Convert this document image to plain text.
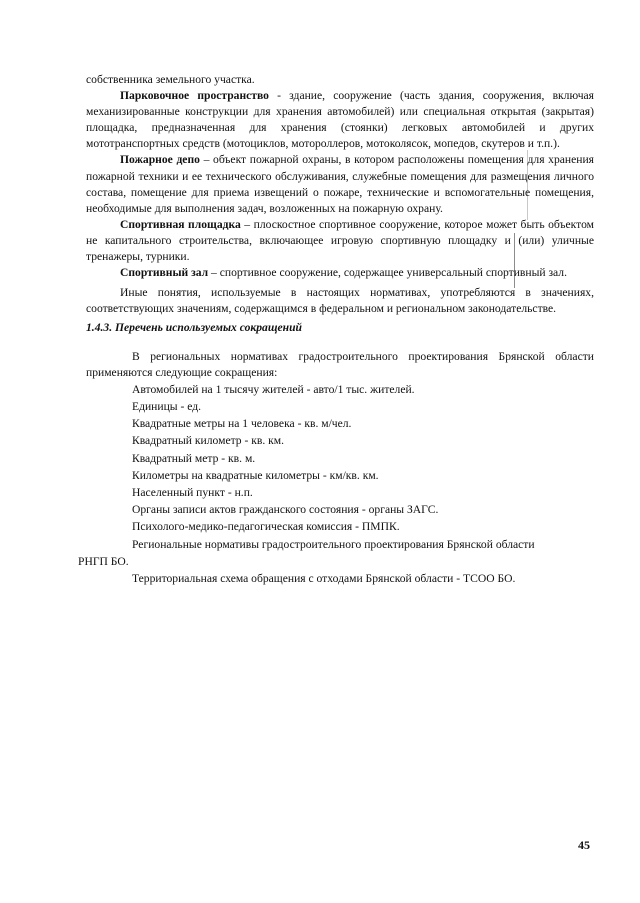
собственника земельного участка.

Парковочное пространство - здание, сооружение (часть здания, сооружения, включая механизированные конструкции для хранения автомобилей) или специальная открытая (закрытая) площадка, предназначенная для хранения (стоянки) легковых автомобилей и других мототранспортных средств (мотоциклов, мотороллеров, мотоколясок, мопедов, скутеров и т.п.).

Пожарное депо – объект пожарной охраны, в котором расположены помещения для хранения пожарной техники и ее технического обслуживания, служебные помещения для размещения личного состава, помещение для приема извещений о пожаре, технические и вспомогательные помещения, необходимые для выполнения задач, возложенных на пожарную охрану.

Спортивная площадка – плоскостное спортивное сооружение, которое может быть объектом не капитального строительства, включающее игровую спортивную площадку и (или) уличные тренажеры, турники.

Спортивный зал – спортивное сооружение, содержащее универсальный спортивный зал.

Иные понятия, используемые в настоящих нормативах, употребляются в значениях, соответствующих значениям, содержащимся в федеральном и региональном законодательстве.

1.4.3. Перечень используемых сокращений

В региональных нормативах градостроительного проектирования Брянской области применяются следующие сокращения:

Автомобилей на 1 тысячу жителей - авто/1 тыс. жителей.
Единицы - ед.
Квадратные метры на 1 человека - кв. м/чел.
Квадратный километр - кв. км.
Квадратный метр - кв. м.
Километры на квадратные километры - км/кв. км.
Населенный пункт - н.п.
Органы записи актов гражданского состояния - органы ЗАГС.
Психолого-медико-педагогическая комиссия - ПМПК.
Региональные нормативы градостроительного проектирования Брянской области
РНГП БО.
Территориальная схема обращения с отходами Брянской области - ТСОО БО.
45
